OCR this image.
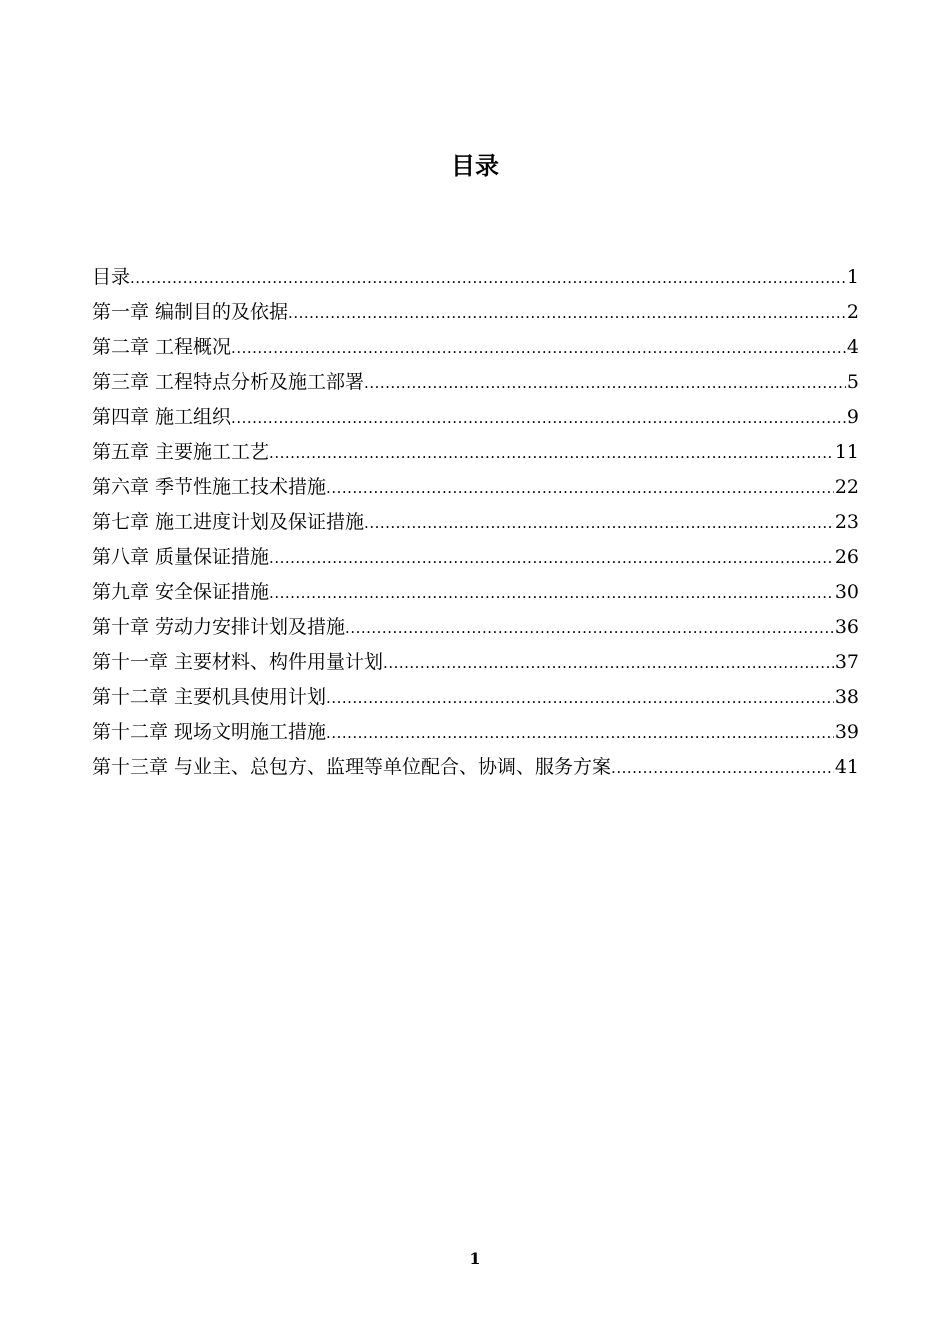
目录
目录 .....	1
第一章 编制目的及依据 .....	2
第二章 工程概况 .....	4
第三章 工程特点分析及施工部署 .....	5
第四章 施工组织 .....	9
第五章 主要施工工艺 .....	11
第六章 季节性施工技术措施 .....	22
第七章 施工进度计划及保证措施 .....	23
第八章 质量保证措施 .....	26
第九章 安全保证措施 .....	30
第十章 劳动力安排计划及措施 .....	36
第十一章 主要材料、构件用量计划 .....	37
第十二章 主要机具使用计划 .....	38
第十二章 现场文明施工措施 .....	39
第十三章 与业主、总包方、监理等单位配合、协调、服务方案 .....	41
1
